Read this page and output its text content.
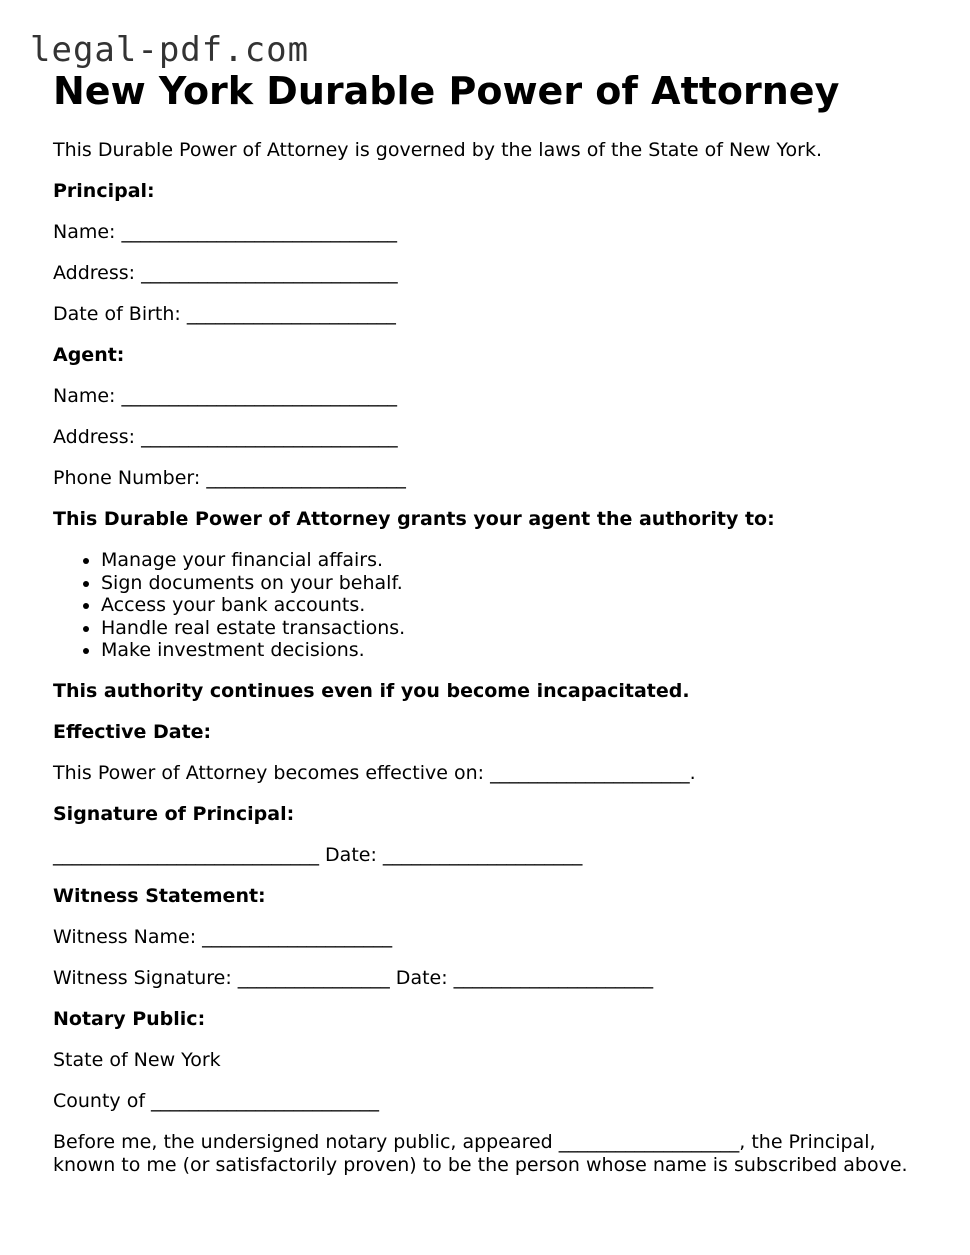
legal-pdf.com
New York Durable Power of Attorney

This Durable Power of Attorney is governed by the laws of the State of New York.

Principal:

Name: _____________________________

Address: ___________________________

Date of Birth: ______________________

Agent:

Name: _____________________________

Address: ___________________________

Phone Number: _____________________

This Durable Power of Attorney grants your agent the authority to:

• Manage your financial affairs.
• Sign documents on your behalf.
• Access your bank accounts.
• Handle real estate transactions.
• Make investment decisions.

This authority continues even if you become incapacitated.

Effective Date:

This Power of Attorney becomes effective on: _____________________.

Signature of Principal:

____________________________ Date: _____________________

Witness Statement:

Witness Name: ____________________

Witness Signature: ________________ Date: _____________________

Notary Public:

State of New York

County of ________________________

Before me, the undersigned notary public, appeared ___________________, the Principal, known to me (or satisfactorily proven) to be the person whose name is subscribed above.
